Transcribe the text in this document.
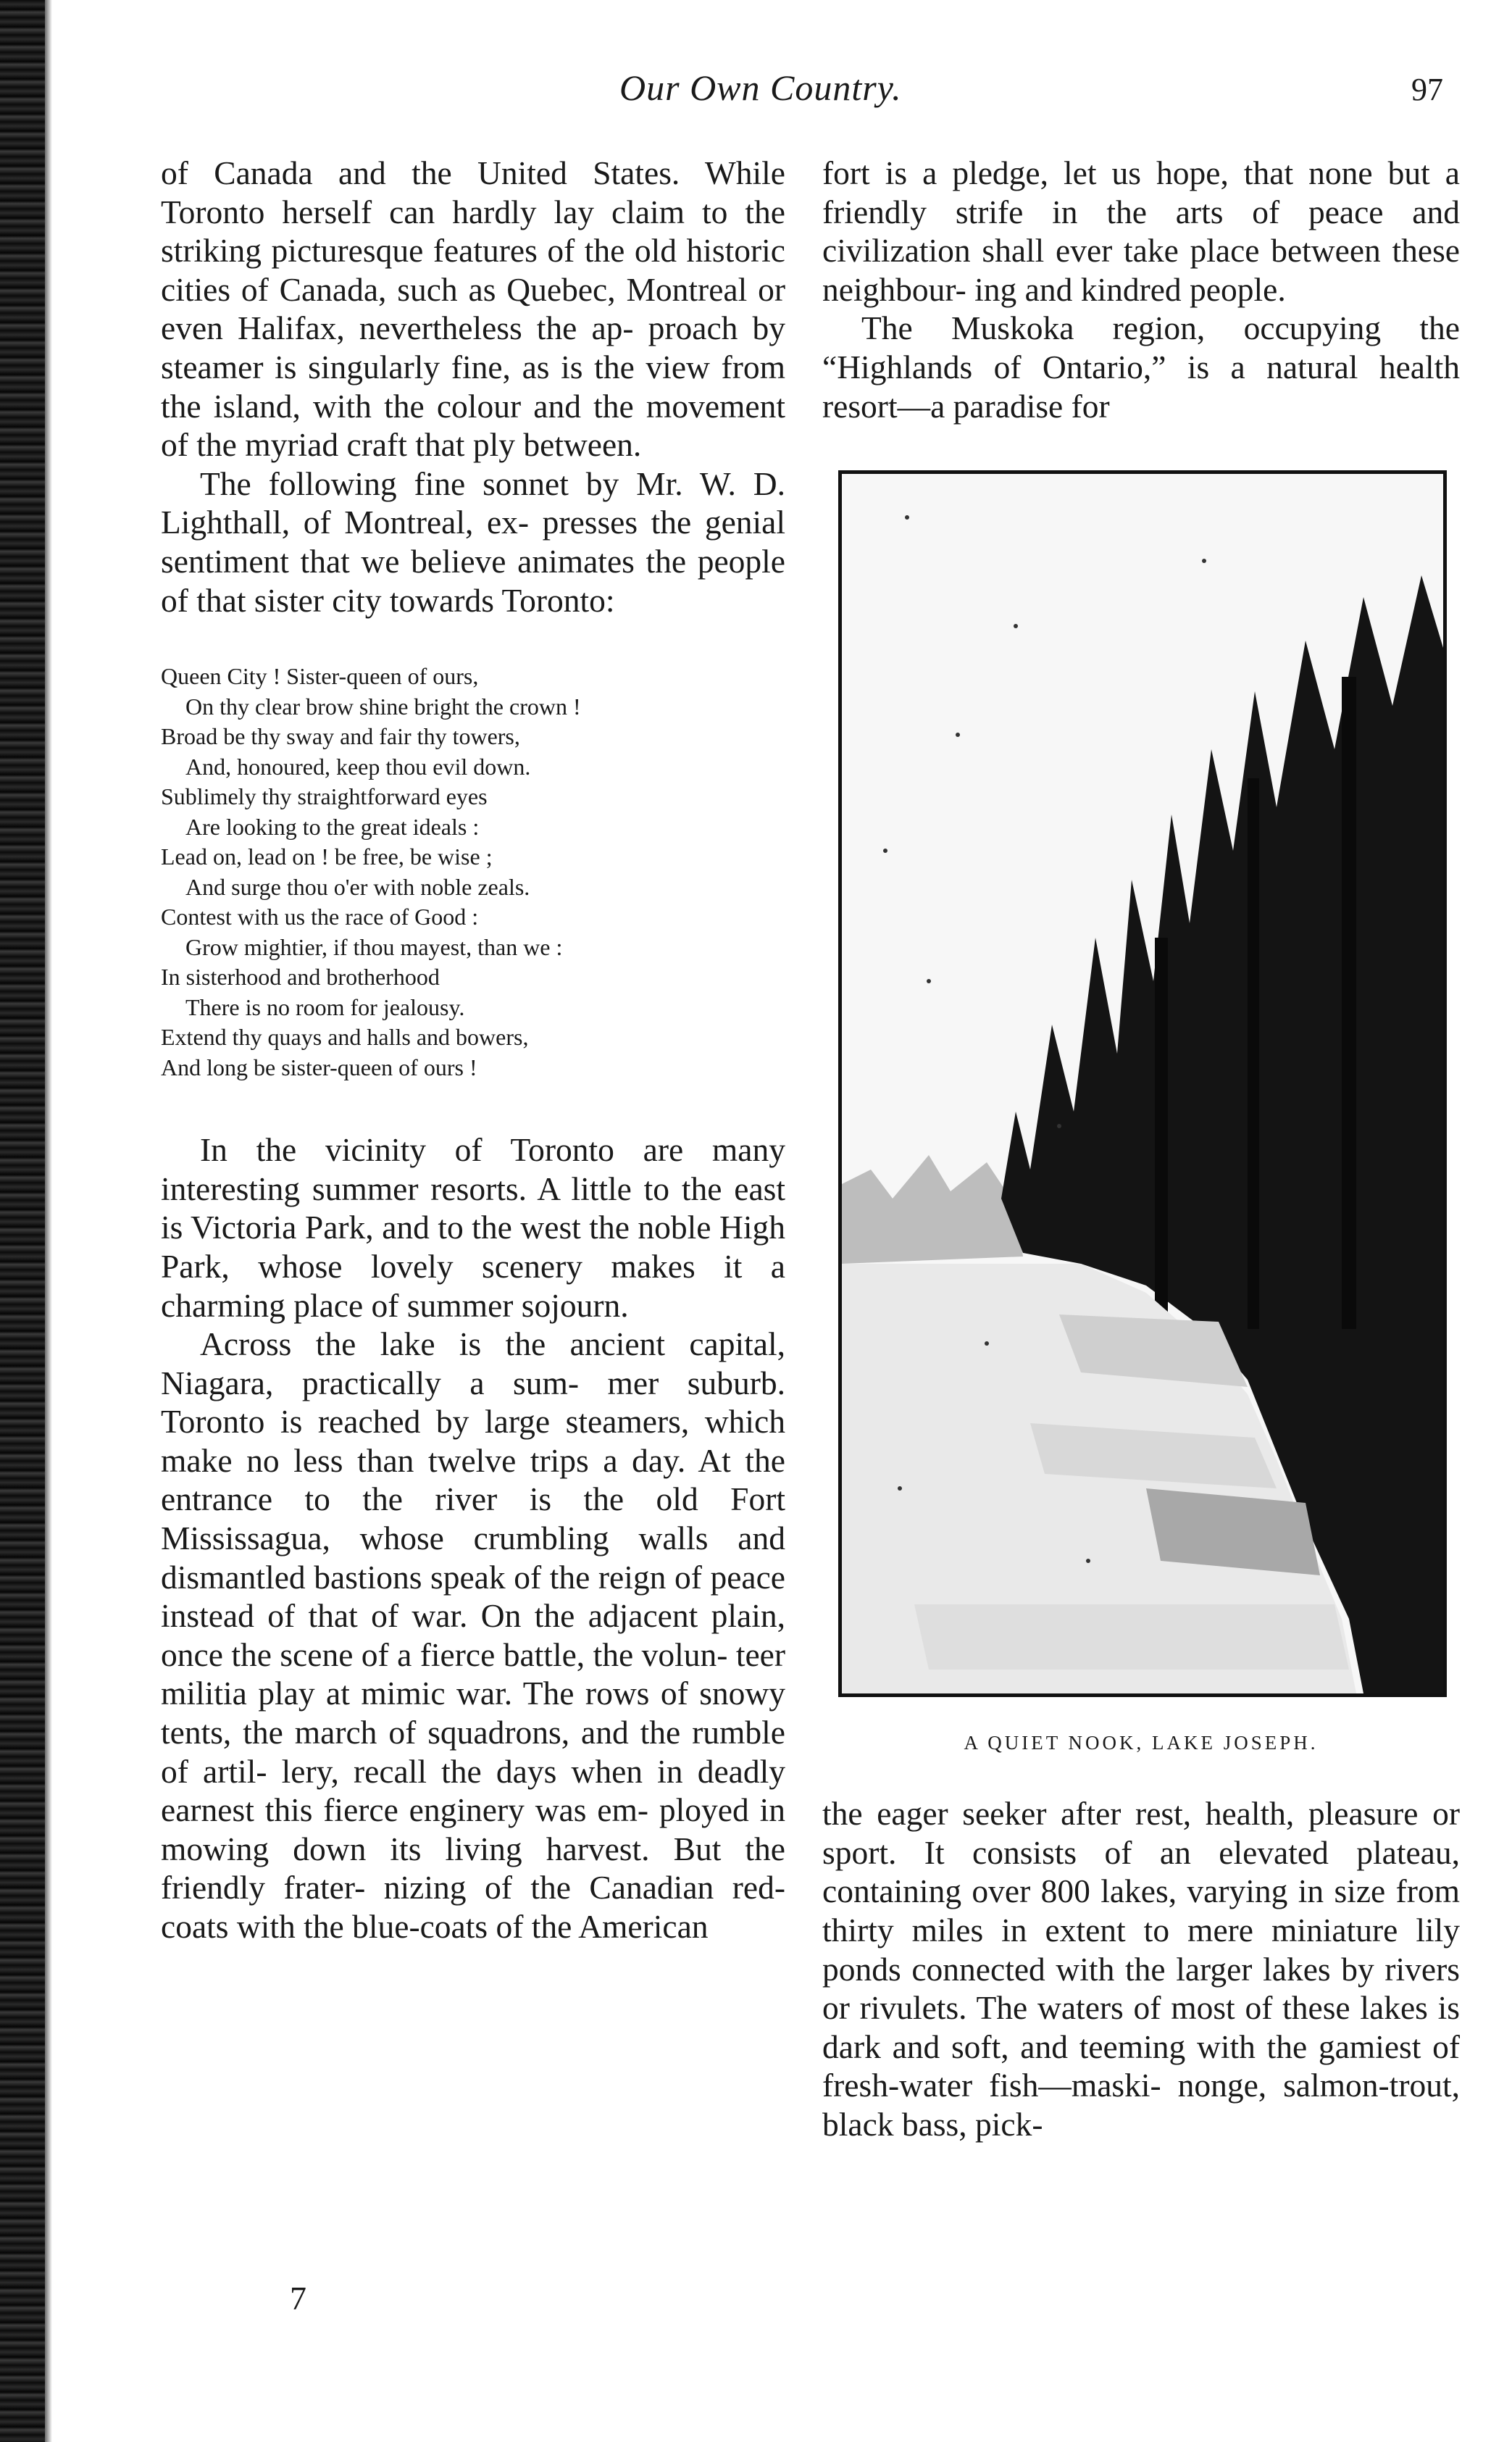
Our Own Country.	97
of Canada and the United States. While Toronto herself can hardly lay claim to the striking picturesque features of the old historic cities of Canada, such as Quebec, Montreal or even Halifax, nevertheless the ap- proach by steamer is singularly fine, as is the view from the island, with the colour and the movement of the myriad craft that ply between.
The following fine sonnet by Mr. W. D. Lighthall, of Montreal, ex- presses the genial sentiment that we believe animates the people of that sister city towards Toronto:
Queen City ! Sister-queen of ours,
On thy clear brow shine bright the crown !
Broad be thy sway and fair thy towers,
And, honoured, keep thou evil down.
Sublimely thy straightforward eyes
Are looking to the great ideals :
Lead on, lead on ! be free, be wise ;
And surge thou o'er with noble zeals.
Contest with us the race of Good :
Grow mightier, if thou mayest, than we :
In sisterhood and brotherhood
There is no room for jealousy.
Extend thy quays and halls and bowers,
And long be sister-queen of ours !
In the vicinity of Toronto are many interesting summer resorts. A little to the east is Victoria Park, and to the west the noble High Park, whose lovely scenery makes it a charming place of summer sojourn.
Across the lake is the ancient capital, Niagara, practically a sum- mer suburb. Toronto is reached by large steamers, which make no less than twelve trips a day. At the entrance to the river is the old Fort Mississagua, whose crumbling walls and dismantled bastions speak of the reign of peace instead of that of war. On the adjacent plain, once the scene of a fierce battle, the volun- teer militia play at mimic war. The rows of snowy tents, the march of squadrons, and the rumble of artil- lery, recall the days when in deadly earnest this fierce enginery was em- ployed in mowing down its living harvest. But the friendly frater- nizing of the Canadian red-coats with the blue-coats of the American
fort is a pledge, let us hope, that none but a friendly strife in the arts of peace and civilization shall ever take place between these neighbour- ing and kindred people.
The Muskoka region, occupying the “Highlands of Ontario,” is a natural health resort—a paradise for
A QUIET NOOK, LAKE JOSEPH.
the eager seeker after rest, health, pleasure or sport. It consists of an elevated plateau, containing over 800 lakes, varying in size from thirty miles in extent to mere miniature lily ponds connected with the larger lakes by rivers or rivulets. The waters of most of these lakes is dark and soft, and teeming with the gamiest of fresh-water fish—maski- nonge, salmon-trout, black bass, pick-
7
